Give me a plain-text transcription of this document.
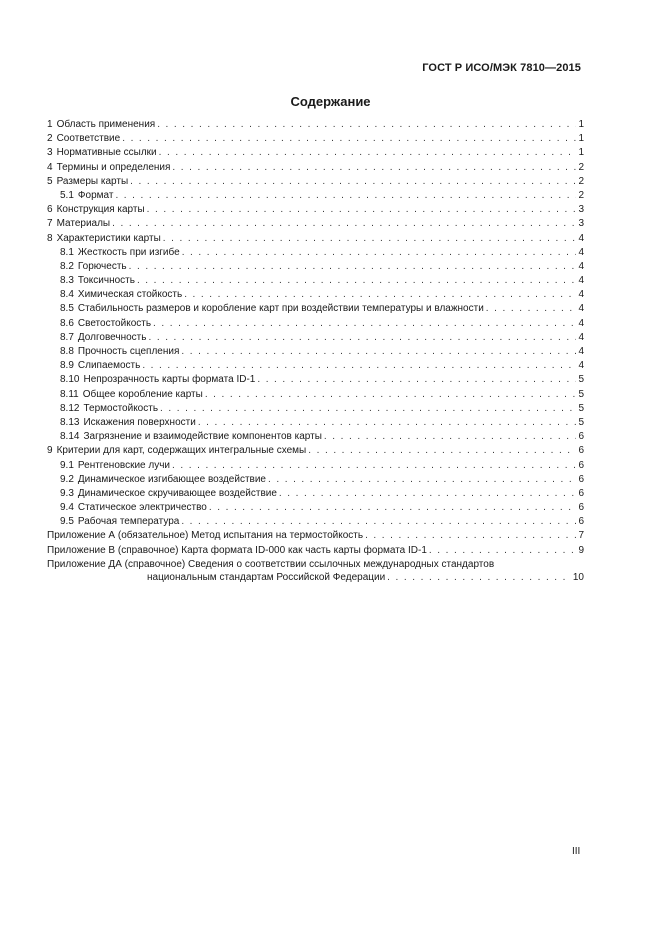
ГОСТ Р ИСО/МЭК 7810—2015
Содержание
1 Область применения . . .	1
2 Соответствие . . .	1
3 Нормативные ссылки . . .	1
4 Термины и определения . . .	2
5 Размеры карты . . .	2
5.1 Формат . . .	2
6 Конструкция карты . . .	3
7 Материалы . . .	3
8 Характеристики карты . . .	4
8.1 Жесткость при изгибе . . .	4
8.2 Горючесть . . .	4
8.3 Токсичность . . .	4
8.4 Химическая стойкость . . .	4
8.5 Стабильность размеров и коробление карт при воздействии температуры и влажности . . .	4
8.6 Светостойкость . . .	4
8.7 Долговечность . . .	4
8.8 Прочность сцепления . . .	4
8.9 Слипаемость . . .	4
8.10 Непрозрачность карты формата ID-1 . . .	5
8.11 Общее коробление карты . . .	5
8.12 Термостойкость . . .	5
8.13 Искажения поверхности . . .	5
8.14 Загрязнение и взаимодействие компонентов карты . . .	6
9 Критерии для карт, содержащих интегральные схемы . . .	6
9.1 Рентгеновские лучи . . .	6
9.2 Динамическое изгибающее воздействие . . .	6
9.3 Динамическое скручивающее воздействие . . .	6
9.4 Статическое электричество . . .	6
9.5 Рабочая температура . . .	6
Приложение А (обязательное) Метод испытания на термостойкость . . .	7
Приложение В (справочное) Карта формата ID-000 как часть карты формата ID-1 . . .	9
Приложение ДА (справочное) Сведения о соответствии ссылочных международных стандартов
национальным стандартам Российской Федерации . . .	10
III
